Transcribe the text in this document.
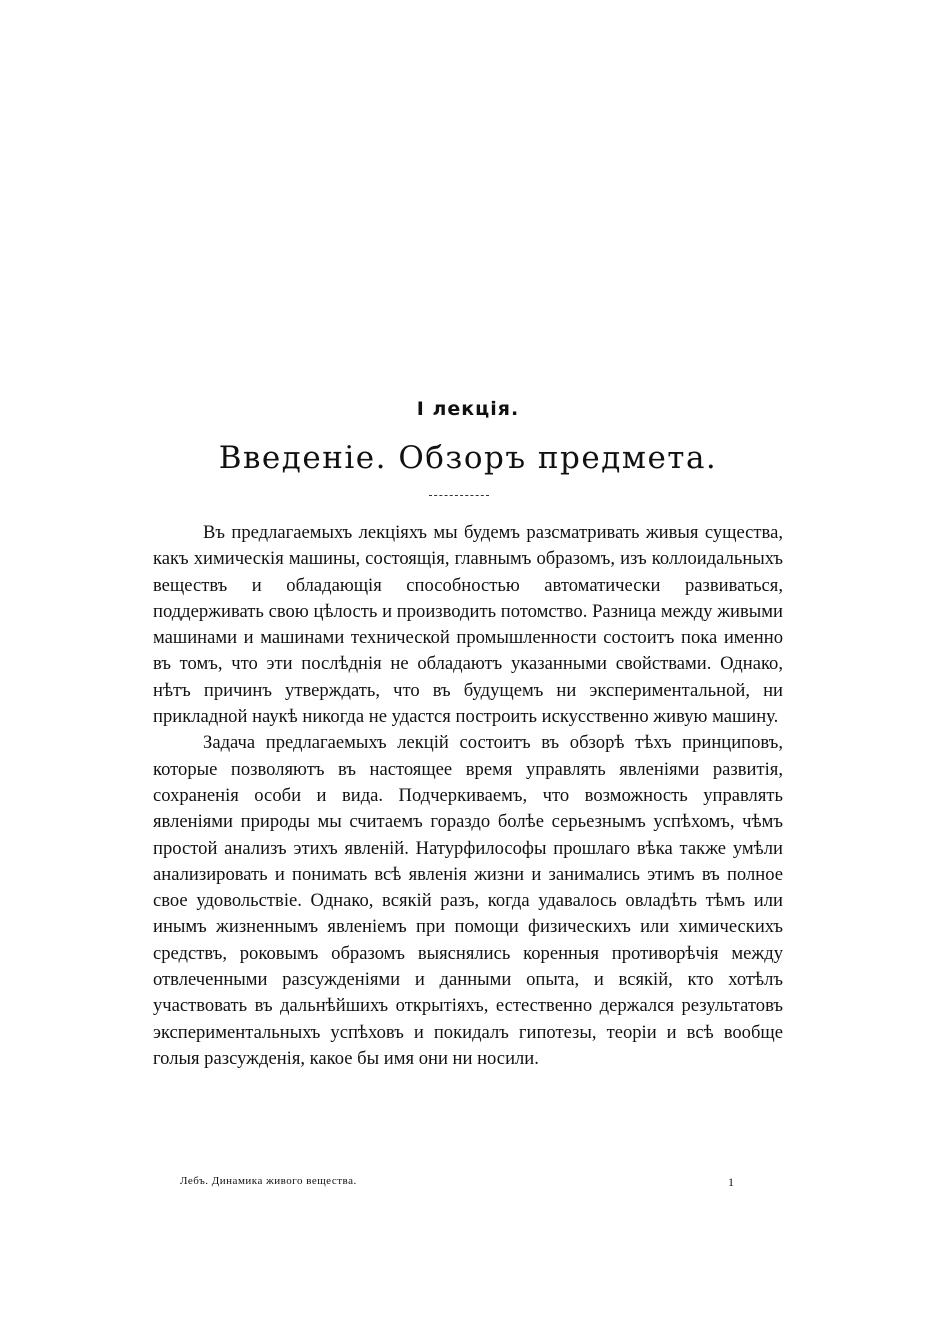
I лекція.
Введеніе. Обзоръ предмета.

Въ предлагаемыхъ лекціяхъ мы будемъ разсматривать живыя существа, какъ химическія машины, состоящія, главнымъ образомъ, изъ коллоидальныхъ веществъ и обладающія способностью автоматически развиваться, поддерживать свою цѣлость и производить потомство. Разница между живыми машинами и машинами технической промышленности состоитъ пока именно въ томъ, что эти послѣднія не обладаютъ указанными свойствами. Однако, нѣтъ причинъ утверждать, что въ будущемъ ни экспериментальной, ни прикладной наукѣ никогда не удастся построить искусственно живую машину.

Задача предлагаемыхъ лекцій состоитъ въ обзорѣ тѣхъ принциповъ, которые позволяютъ въ настоящее время управлять явленіями развитія, сохраненія особи и вида. Подчеркиваемъ, что возможность управлять явленіями природы мы считаемъ гораздо болѣе серьезнымъ успѣхомъ, чѣмъ простой анализъ этихъ явленій. Натурфилософы прошлаго вѣка также умѣли анализировать и понимать всѣ явленія жизни и занимались этимъ въ полное свое удовольствіе. Однако, всякій разъ, когда удавалось овладѣть тѣмъ или инымъ жизненнымъ явленіемъ при помощи физическихъ или химическихъ средствъ, роковымъ образомъ выяснялись коренныя противорѣчія между отвлеченными разсужденіями и данными опыта, и всякій, кто хотѣлъ участвовать въ дальнѣйшихъ открытіяхъ, естественно держался результатовъ экспериментальныхъ успѣховъ и покидалъ гипотезы, теоріи и всѣ вообще голыя разсужденія, какое бы имя они ни носили.

Лебъ. Динамика живого вещества.	1
